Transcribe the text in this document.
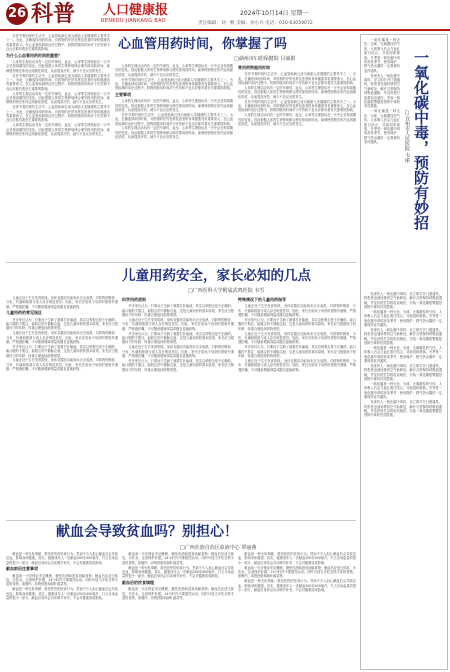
26 科普 人口健康报
RENKOU JIANKANG BAO
2024年10月14日 星期一
责任编辑：刘一帆 美编：孙小卉 电话：010-63059072

在快节奏的现代生活中，心血管疾病已成为威胁人类健康的主要杀手之一。为此，正确选择用药时间，对药物的疗效发挥及患者的身体健康具有重要意义。在心血管疾病的治疗过程中，药物的服用时间对于疗效和不良反应都有着至关重要的影响。

为什么心血管用药时间很重要？

人体的生理活动具有一定的节律性，血压、心率等生理指标在一天中会呈现周期性的变化。因此根据人体的生物钟规律合理安排用药时间，能够使药物在体内达到最佳浓度，从而提高疗效、减少不良反应的发生。

在快节奏的现代生活中，心血管疾病已成为威胁人类健康的主要杀手之一。为此，正确选择用药时间，对药物的疗效发挥及患者的身体健康具有重要意义。在心血管疾病的治疗过程中，药物的服用时间对于疗效和不良反应都有着至关重要的影响。

人体的生理活动具有一定的节律性，血压、心率等生理指标在一天中会呈现周期性的变化。因此根据人体的生物钟规律合理安排用药时间，能够使药物在体内达到最佳浓度，从而提高疗效、减少不良反应的发生。

在快节奏的现代生活中，心血管疾病已成为威胁人类健康的主要杀手之一。为此，正确选择用药时间，对药物的疗效发挥及患者的身体健康具有重要意义。在心血管疾病的治疗过程中，药物的服用时间对于疗效和不良反应都有着至关重要的影响。

人体的生理活动具有一定的节律性，血压、心率等生理指标在一天中会呈现周期性的变化。因此根据人体的生物钟规律合理安排用药时间，能够使药物在体内达到最佳浓度，从而提高疗效、减少不良反应的发生。

心血管用药时间，你掌握了吗
□湖州市妇幼保健院 吕丽娟

人体的生理活动具有一定的节律性，血压、心率等生理指标在一天中会呈现周期性的变化。因此根据人体的生物钟规律合理安排用药时间，能够使药物在体内达到最佳浓度，从而提高疗效、减少不良反应的发生。

在快节奏的现代生活中，心血管疾病已成为威胁人类健康的主要杀手之一。为此，正确选择用药时间，对药物的疗效发挥及患者的身体健康具有重要意义。在心血管疾病的治疗过程中，药物的服用时间对于疗效和不良反应都有着至关重要的影响。

主要事项

人体的生理活动具有一定的节律性，血压、心率等生理指标在一天中会呈现周期性的变化。因此根据人体的生物钟规律合理安排用药时间，能够使药物在体内达到最佳浓度，从而提高疗效、减少不良反应的发生。

在快节奏的现代生活中，心血管疾病已成为威胁人类健康的主要杀手之一。为此，正确选择用药时间，对药物的疗效发挥及患者的身体健康具有重要意义。在心血管疾病的治疗过程中，药物的服用时间对于疗效和不良反应都有着至关重要的影响。

人体的生理活动具有一定的节律性，血压、心率等生理指标在一天中会呈现周期性的变化。因此根据人体的生物钟规律合理安排用药时间，能够使药物在体内达到最佳浓度，从而提高疗效、减少不良反应的发生。

常用药物服用时间

在快节奏的现代生活中，心血管疾病已成为威胁人类健康的主要杀手之一。为此，正确选择用药时间，对药物的疗效发挥及患者的身体健康具有重要意义。在心血管疾病的治疗过程中，药物的服用时间对于疗效和不良反应都有着至关重要的影响。

人体的生理活动具有一定的节律性，血压、心率等生理指标在一天中会呈现周期性的变化。因此根据人体的生物钟规律合理安排用药时间，能够使药物在体内达到最佳浓度，从而提高疗效、减少不良反应的发生。

在快节奏的现代生活中，心血管疾病已成为威胁人类健康的主要杀手之一。为此，正确选择用药时间，对药物的疗效发挥及患者的身体健康具有重要意义。在心血管疾病的治疗过程中，药物的服用时间对于疗效和不良反应都有着至关重要的影响。

人体的生理活动具有一定的节律性，血压、心率等生理指标在一天中会呈现周期性的变化。因此根据人体的生物钟规律合理安排用药时间，能够使药物在体内达到最佳浓度，从而提高疗效、减少不良反应的发生。

儿童用药安全，家长必知的几点
□广西医科大学附属武鸣医院 韦雪

儿童正处于生长发育阶段，身体各器官功能尚未完全成熟，对药物的吸收、分布、代谢和排泄与成人存在明显差异。因此，家长在给孩子用药时需格外谨慎，严格遵医嘱，不可随意增减剂量或擅自更换药物。

儿童用药的常见误区

许多家长认为，只要孩子生病了就要打针输液，其实这种观念是不正确的。能口服的不肌注，能肌注的不静脉注射，这是儿童用药的基本原则，家长应当根据孩子的年龄、体重合理选择药物剂型。

儿童正处于生长发育阶段，身体各器官功能尚未完全成熟，对药物的吸收、分布、代谢和排泄与成人存在明显差异。因此，家长在给孩子用药时需格外谨慎，严格遵医嘱，不可随意增减剂量或擅自更换药物。

许多家长认为，只要孩子生病了就要打针输液，其实这种观念是不正确的。能口服的不肌注，能肌注的不静脉注射，这是儿童用药的基本原则，家长应当根据孩子的年龄、体重合理选择药物剂型。

儿童正处于生长发育阶段，身体各器官功能尚未完全成熟，对药物的吸收、分布、代谢和排泄与成人存在明显差异。因此，家长在给孩子用药时需格外谨慎，严格遵医嘱，不可随意增减剂量或擅自更换药物。

科学用药原则

许多家长认为，只要孩子生病了就要打针输液，其实这种观念是不正确的。能口服的不肌注，能肌注的不静脉注射，这是儿童用药的基本原则，家长应当根据孩子的年龄、体重合理选择药物剂型。

儿童正处于生长发育阶段，身体各器官功能尚未完全成熟，对药物的吸收、分布、代谢和排泄与成人存在明显差异。因此，家长在给孩子用药时需格外谨慎，严格遵医嘱，不可随意增减剂量或擅自更换药物。

许多家长认为，只要孩子生病了就要打针输液，其实这种观念是不正确的。能口服的不肌注，能肌注的不静脉注射，这是儿童用药的基本原则，家长应当根据孩子的年龄、体重合理选择药物剂型。

儿童正处于生长发育阶段，身体各器官功能尚未完全成熟，对药物的吸收、分布、代谢和排泄与成人存在明显差异。因此，家长在给孩子用药时需格外谨慎，严格遵医嘱，不可随意增减剂量或擅自更换药物。

许多家长认为，只要孩子生病了就要打针输液，其实这种观念是不正确的。能口服的不肌注，能肌注的不静脉注射，这是儿童用药的基本原则，家长应当根据孩子的年龄、体重合理选择药物剂型。

特殊情况下的儿童用药指导

儿童正处于生长发育阶段，身体各器官功能尚未完全成熟，对药物的吸收、分布、代谢和排泄与成人存在明显差异。因此，家长在给孩子用药时需格外谨慎，严格遵医嘱，不可随意增减剂量或擅自更换药物。

许多家长认为，只要孩子生病了就要打针输液，其实这种观念是不正确的。能口服的不肌注，能肌注的不静脉注射，这是儿童用药的基本原则，家长应当根据孩子的年龄、体重合理选择药物剂型。

儿童正处于生长发育阶段，身体各器官功能尚未完全成熟，对药物的吸收、分布、代谢和排泄与成人存在明显差异。因此，家长在给孩子用药时需格外谨慎，严格遵医嘱，不可随意增减剂量或擅自更换药物。

许多家长认为，只要孩子生病了就要打针输液，其实这种观念是不正确的。能口服的不肌注，能肌注的不静脉注射，这是儿童用药的基本原则，家长应当根据孩子的年龄、体重合理选择药物剂型。

儿童正处于生长发育阶段，身体各器官功能尚未完全成熟，对药物的吸收、分布、代谢和排泄与成人存在明显差异。因此，家长在给孩子用药时需格外谨慎，严格遵医嘱，不可随意增减剂量或擅自更换药物。

献血会导致贫血吗？别担心！
□广西壮族自治区血液中心 覃丽燕

献血是一种无私奉献、救死扶伤的崇高行为。然而不少人担心献血后会导致贫血，影响身体健康。其实，健康成年人一次献血200至400毫升，只占全身血量的很小一部分，献血后身体会自动调节补充，不会对健康造成影响。

献血前后注意事项

献血前一天应保证充足睡眠，避免饮酒和进食油腻食物；献血后应适当休息，多饮水，注意保护针眼，24小时内不要剧烈运动。同时可适当多吃含铁丰富的食物，如瘦肉、动物肝脏和绿叶蔬菜等。

献血是一种无私奉献、救死扶伤的崇高行为。然而不少人担心献血后会导致贫血，影响身体健康。其实，健康成年人一次献血200至400毫升，只占全身血量的很小一部分，献血后身体会自动调节补充，不会对健康造成影响。

献血前一天应保证充足睡眠，避免饮酒和进食油腻食物；献血后应适当休息，多饮水，注意保护针眼，24小时内不要剧烈运动。同时可适当多吃含铁丰富的食物，如瘦肉、动物肝脏和绿叶蔬菜等。

献血是一种无私奉献、救死扶伤的崇高行为。然而不少人担心献血后会导致贫血，影响身体健康。其实，健康成年人一次献血200至400毫升，只占全身血量的很小一部分，献血后身体会自动调节补充，不会对健康造成影响。

献血后的饮食调理

献血前一天应保证充足睡眠，避免饮酒和进食油腻食物；献血后应适当休息，多饮水，注意保护针眼，24小时内不要剧烈运动。同时可适当多吃含铁丰富的食物，如瘦肉、动物肝脏和绿叶蔬菜等。

献血是一种无私奉献、救死扶伤的崇高行为。然而不少人担心献血后会导致贫血，影响身体健康。其实，健康成年人一次献血200至400毫升，只占全身血量的很小一部分，献血后身体会自动调节补充，不会对健康造成影响。

献血前一天应保证充足睡眠，避免饮酒和进食油腻食物；献血后应适当休息，多饮水，注意保护针眼，24小时内不要剧烈运动。同时可适当多吃含铁丰富的食物，如瘦肉、动物肝脏和绿叶蔬菜等。

献血是一种无私奉献、救死扶伤的崇高行为。然而不少人担心献血后会导致贫血，影响身体健康。其实，健康成年人一次献血200至400毫升，只占全身血量的很小一部分，献血后身体会自动调节补充，不会对健康造成影响。

一氧化碳中毒，预防有妙招
□宜州市人民医院 韦丽

一氧化碳是一种无色、无味、无刺激性的气体，人体吸入后会与血红蛋白结合，导致组织缺氧。冬季是一氧化碳中毒的高发季节，使用煤炉、燃气热水器时一定要保持室内通风。

发现有人一氧化碳中毒时，应立即打开门窗通风，将患者迅速转移到空气新鲜处，解开衣领保持呼吸道通畅，并及时拨打急救电话就医。安装一氧化碳报警器是预防中毒的有效措施。

一氧化碳是一种无色、无味、无刺激性的气体，人体吸入后会与血红蛋白结合，导致组织缺氧。冬季是一氧化碳中毒的高发季节，使用煤炉、燃气热水器时一定要保持室内通风。

发现有人一氧化碳中毒时，应立即打开门窗通风，将患者迅速转移到空气新鲜处，解开衣领保持呼吸道通畅，并及时拨打急救电话就医。安装一氧化碳报警器是预防中毒的有效措施。

一氧化碳是一种无色、无味、无刺激性的气体，人体吸入后会与血红蛋白结合，导致组织缺氧。冬季是一氧化碳中毒的高发季节，使用煤炉、燃气热水器时一定要保持室内通风。

发现有人一氧化碳中毒时，应立即打开门窗通风，将患者迅速转移到空气新鲜处，解开衣领保持呼吸道通畅，并及时拨打急救电话就医。安装一氧化碳报警器是预防中毒的有效措施。

一氧化碳是一种无色、无味、无刺激性的气体，人体吸入后会与血红蛋白结合，导致组织缺氧。冬季是一氧化碳中毒的高发季节，使用煤炉、燃气热水器时一定要保持室内通风。

发现有人一氧化碳中毒时，应立即打开门窗通风，将患者迅速转移到空气新鲜处，解开衣领保持呼吸道通畅，并及时拨打急救电话就医。安装一氧化碳报警器是预防中毒的有效措施。

一氧化碳是一种无色、无味、无刺激性的气体，人体吸入后会与血红蛋白结合，导致组织缺氧。冬季是一氧化碳中毒的高发季节，使用煤炉、燃气热水器时一定要保持室内通风。

发现有人一氧化碳中毒时，应立即打开门窗通风，将患者迅速转移到空气新鲜处，解开衣领保持呼吸道通畅，并及时拨打急救电话就医。安装一氧化碳报警器是预防中毒的有效措施。
